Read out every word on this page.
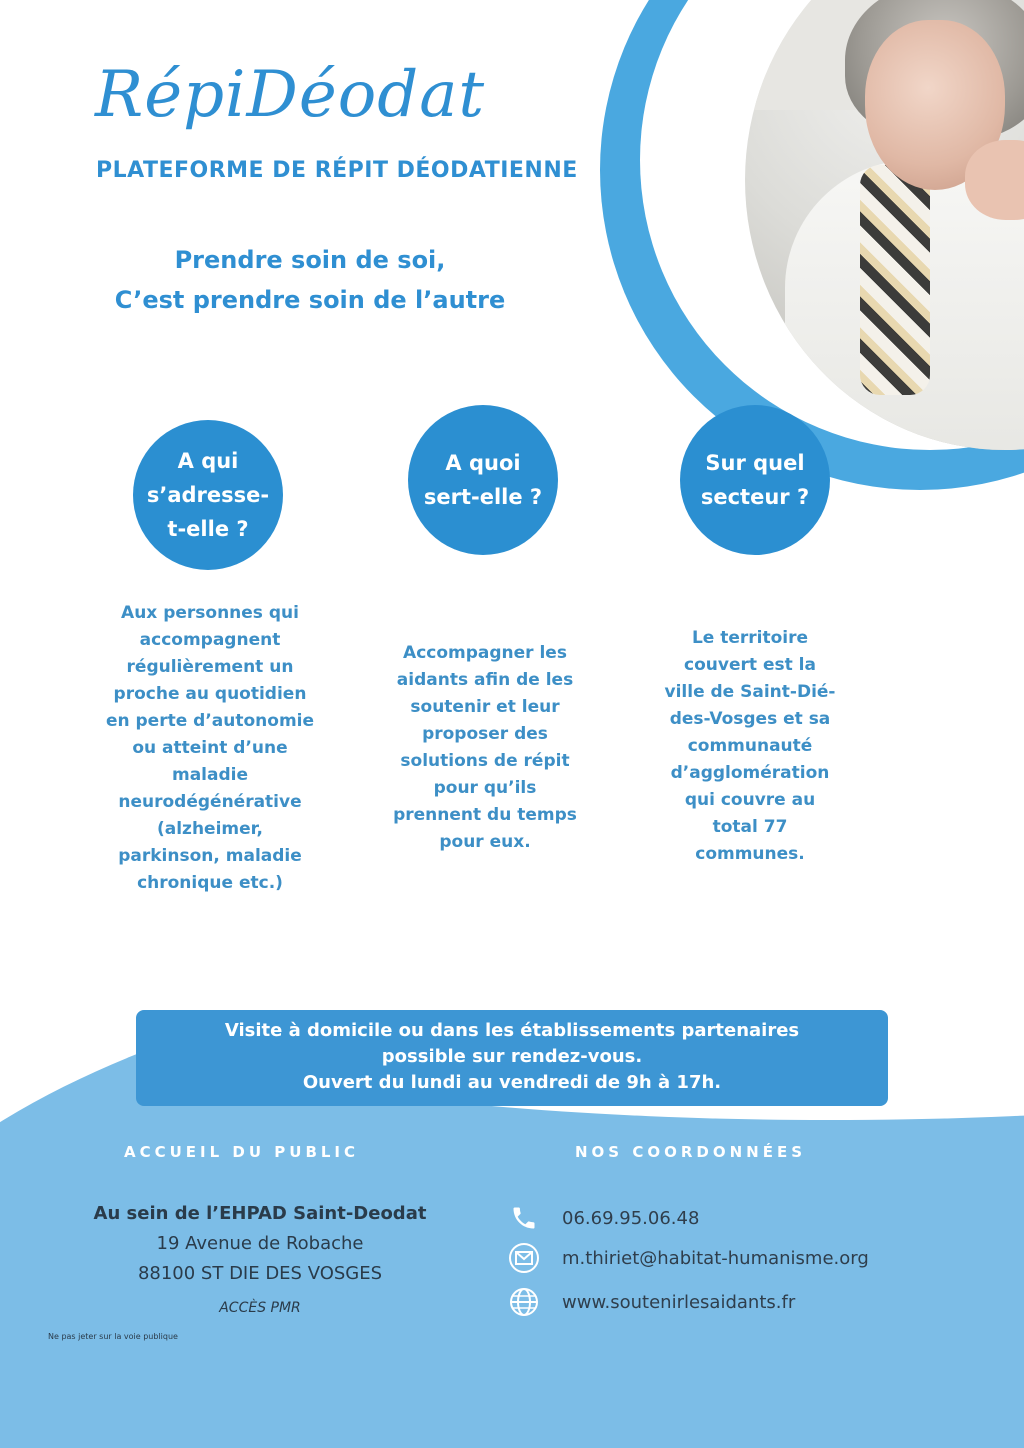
RépiDéodat
PLATEFORME DE RÉPIT DÉODATIENNE
Prendre soin de soi,
C’est prendre soin de l’autre
A qui
s’adresse-
t-elle ?
A quoi
sert-elle ?
Sur quel
secteur ?
Aux personnes qui
accompagnent
régulièrement un
proche au quotidien
en perte d’autonomie
ou atteint d’une
maladie
neurodégénérative
(alzheimer,
parkinson, maladie
chronique etc.)
Accompagner les
aidants afin de les
soutenir et leur
proposer des
solutions de répit
pour qu’ils
prennent du temps
pour eux.
Le territoire
couvert est la
ville de Saint-Dié-
des-Vosges et sa
communauté
d’agglomération
qui couvre au
total 77
communes.
Visite à domicile ou dans les établissements partenaires
possible sur rendez-vous.
Ouvert du lundi au vendredi de 9h à 17h.
ACCUEIL DU PUBLIC	NOS COORDONNÉES
Au sein de l’EHPAD Saint-Deodat
19 Avenue de Robache
88100 ST DIE DES VOSGES
ACCÈS PMR
06.69.95.06.48
m.thiriet@habitat-humanisme.org
www.soutenirlesaidants.fr
Ne pas jeter sur la voie publique
